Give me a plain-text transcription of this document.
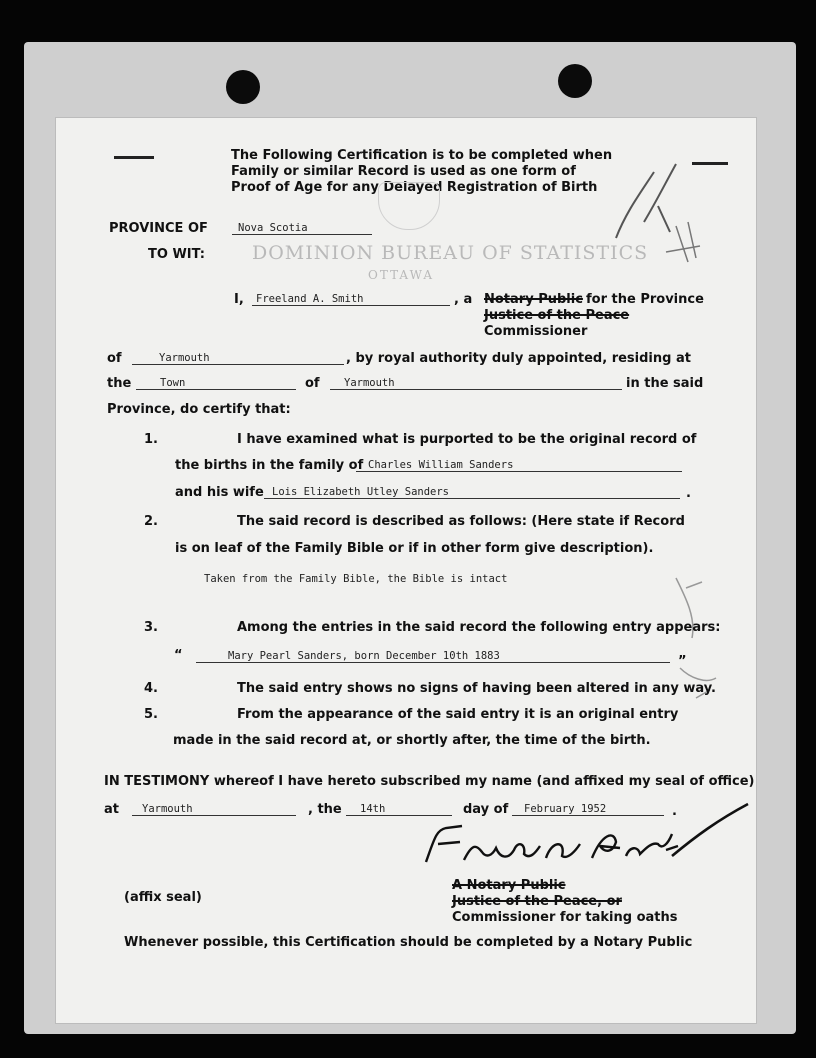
The Following Certification is to be completed when
Family or similar Record is used as one form of
Proof of Age for any Delayed Registration of Birth
DOMINION BUREAU OF STATISTICS
OTTAWA
PROVINCE OF	Nova Scotia
TO WIT:
I, Freeland A. Smith	, a Notary Public for the Province
Justice of the Peace
Commissioner
of	Yarmouth	, by royal authority duly appointed, residing at
the	Town	of Yarmouth	in the said
Province, do certify that:
1.	I have examined what is purported to be the original record of
the births in the family of Charles William Sanders
and his wife Lois Elizabeth Utley Sanders	.
2.	The said record is described as follows: (Here state if Record
is on leaf of the Family Bible or if in other form give description).
Taken from the Family Bible, the Bible is intact
3.	Among the entries in the said record the following entry appears:
“	Mary Pearl Sanders, born December 10th 1883	”
4.	The said entry shows no signs of having been altered in any way.
5.	From the appearance of the said entry it is an original entry
made in the said record at, or shortly after, the time of the birth.
IN TESTIMONY whereof I have hereto subscribed my name (and affixed my seal of office)
at Yarmouth	, the 14th	day of February 1952	.
A Notary Public
Justice of the Peace, or
Commissioner for taking oaths
(affix seal)
Whenever possible, this Certification should be completed by a Notary Public
